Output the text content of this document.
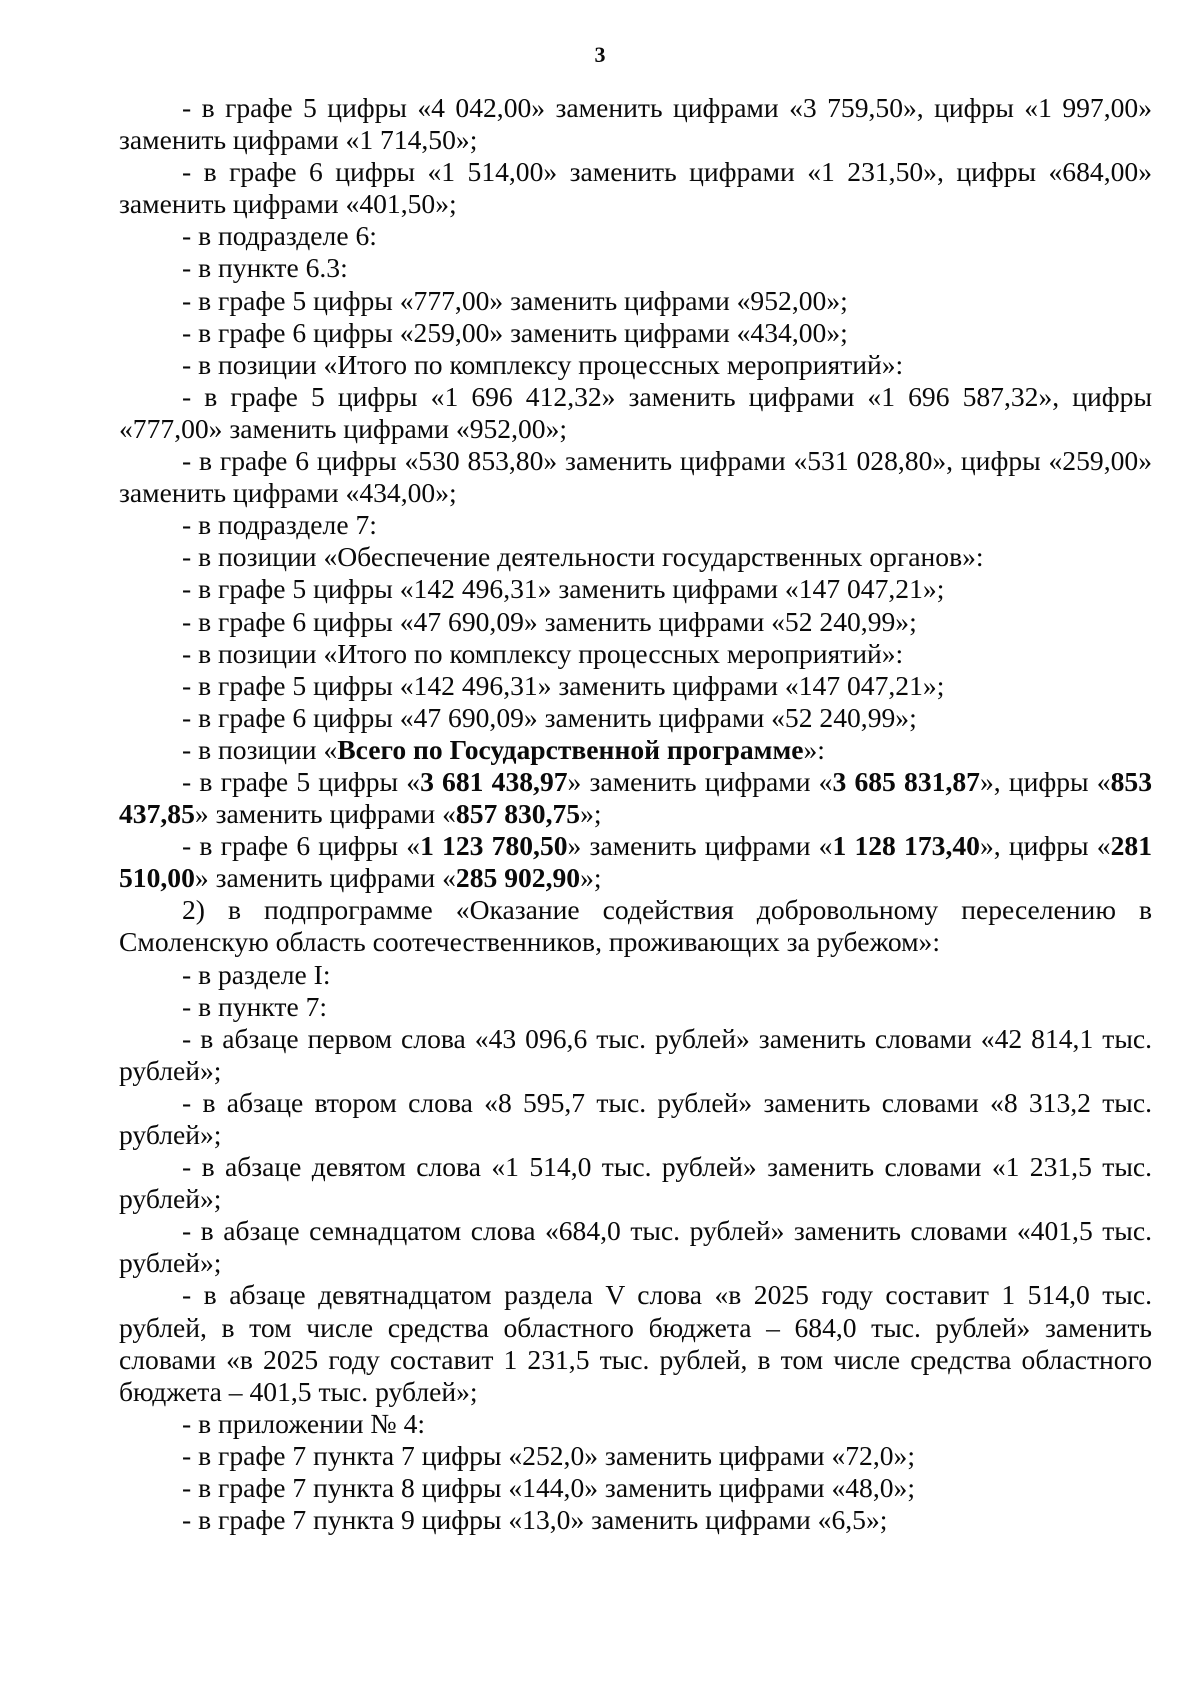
3

- в графе 5 цифры «4 042,00» заменить цифрами «3 759,50», цифры «1 997,00» заменить цифрами «1 714,50»;

- в графе 6 цифры «1 514,00» заменить цифрами «1 231,50», цифры «684,00» заменить цифрами «401,50»;

- в подразделе 6:

- в пункте 6.3:

- в графе 5 цифры «777,00» заменить цифрами «952,00»;

- в графе 6 цифры «259,00» заменить цифрами «434,00»;

- в позиции «Итого по комплексу процессных мероприятий»:

- в графе 5 цифры «1 696 412,32» заменить цифрами «1 696 587,32», цифры «777,00» заменить цифрами «952,00»;

- в графе 6 цифры «530 853,80» заменить цифрами «531 028,80», цифры «259,00» заменить цифрами «434,00»;

- в подразделе 7:

- в позиции «Обеспечение деятельности государственных органов»:

- в графе 5 цифры «142 496,31» заменить цифрами «147 047,21»;

- в графе 6 цифры «47 690,09» заменить цифрами «52 240,99»;

- в позиции «Итого по комплексу процессных мероприятий»:

- в графе 5 цифры «142 496,31» заменить цифрами «147 047,21»;

- в графе 6 цифры «47 690,09» заменить цифрами «52 240,99»;

- в позиции «Всего по Государственной программе»:

- в графе 5 цифры «3 681 438,97» заменить цифрами «3 685 831,87», цифры «853 437,85» заменить цифрами «857 830,75»;

- в графе 6 цифры «1 123 780,50» заменить цифрами «1 128 173,40», цифры «281 510,00» заменить цифрами «285 902,90»;

2) в подпрограмме «Оказание содействия добровольному переселению в Смоленскую область соотечественников, проживающих за рубежом»:

- в разделе I:

- в пункте 7:

- в абзаце первом слова «43 096,6 тыс. рублей» заменить словами «42 814,1 тыс. рублей»;

- в абзаце втором слова «8 595,7 тыс. рублей» заменить словами «8 313,2 тыс. рублей»;

- в абзаце девятом слова «1 514,0 тыс. рублей» заменить словами «1 231,5 тыс. рублей»;

- в абзаце семнадцатом слова «684,0 тыс. рублей» заменить словами «401,5 тыс. рублей»;

- в абзаце девятнадцатом раздела V слова «в 2025 году составит 1 514,0 тыс. рублей, в том числе средства областного бюджета – 684,0 тыс. рублей» заменить словами «в 2025 году составит 1 231,5 тыс. рублей, в том числе средства областного бюджета – 401,5 тыс. рублей»;

- в приложении № 4:

- в графе 7 пункта 7 цифры «252,0» заменить цифрами «72,0»;

- в графе 7 пункта 8 цифры «144,0» заменить цифрами «48,0»;

- в графе 7 пункта 9 цифры «13,0» заменить цифрами «6,5»;
